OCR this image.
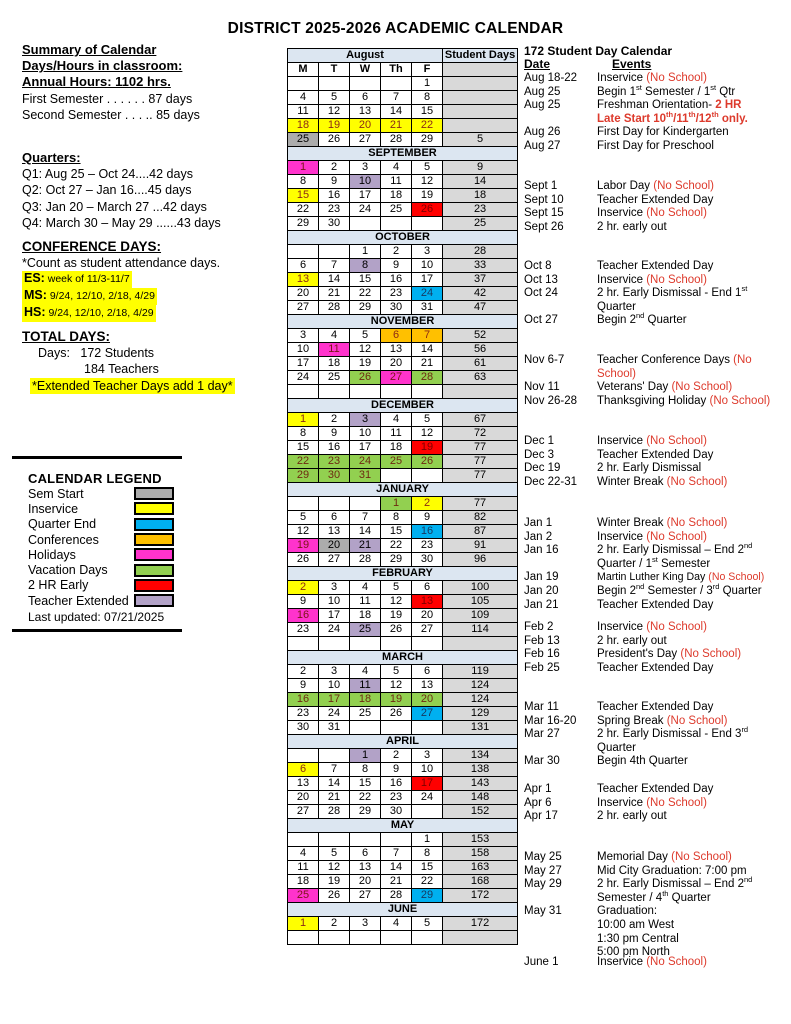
DISTRICT 2025-2026 ACADEMIC CALENDAR
Summary of Calendar
Days/Hours in classroom:
Annual Hours: 1102 hrs.
First Semester . . . . . . 87 days
Second Semester . . . .. 85 days
Quarters:
Q1: Aug 25 – Oct 24....42 days
Q2: Oct 27 – Jan 16....45 days
Q3: Jan 20 – March 27 ...42 days
Q4: March 30 – May 29 ......43 days
CONFERENCE DAYS:
*Count as student attendance days.
ES: week of 11/3-11/7
MS: 9/24, 12/10, 2/18, 4/29
HS: 9/24, 12/10, 2/18, 4/29
TOTAL DAYS:
Days:   172 Students
184 Teachers
*Extended Teacher Days add 1 day*
CALENDAR LEGEND
Sem Start
Inservice
Quarter End
Conferences
Holidays
Vacation Days
2 HR Early
Teacher Extended
Last updated: 07/21/2025
August					Student Days
M	T	W	Th	F	
				1	
4	5	6	7	8	
11	12	13	14	15	
18	19	20	21	22	
25	26	27	28	29	5
SEPTEMBER					
1	2	3	4	5	9
8	9	10	11	12	14
15	16	17	18	19	18
22	23	24	25	26	23
29	30				25
OCTOBER					
		1	2	3	28
6	7	8	9	10	33
13	14	15	16	17	37
20	21	22	23	24	42
27	28	29	30	31	47
NOVEMBER					
3	4	5	6	7	52
10	11	12	13	14	56
17	18	19	20	21	61
24	25	26	27	28	63

DECEMBER					
1	2	3	4	5	67
8	9	10	11	12	72
15	16	17	18	19	77
22	23	24	25	26	77
29	30	31			77
JANUARY					
			1	2	77
5	6	7	8	9	82
12	13	14	15	16	87
19	20	21	22	23	91
26	27	28	29	30	96
FEBRUARY					
2	3	4	5	6	100
9	10	11	12	13	105
16	17	18	19	20	109
23	24	25	26	27	114

MARCH					
2	3	4	5	6	119
9	10	11	12	13	124
16	17	18	19	20	124
23	24	25	26	27	129
30	31				131
APRIL					
		1	2	3	134
6	7	8	9	10	138
13	14	15	16	17	143
20	21	22	23	24	148
27	28	29	30		152
MAY					
				1	153
4	5	6	7	8	158
11	12	13	14	15	163
18	19	20	21	22	168
25	26	27	28	29	172
JUNE					
1	2	3	4	5	172

172 Student Day Calendar
Date	Events
Aug 18-22	Inservice (No School)
Aug 25	Begin 1st Semester / 1st Qtr
Aug 25	Freshman Orientation- 2 HR
Late Start 10th/11th/12th only.
Aug 26	First Day for Kindergarten
Aug 27	First Day for Preschool
Sept 1	Labor Day (No School)
Sept 10	Teacher Extended Day
Sept 15	Inservice (No School)
Sept 26	2 hr. early out
Oct 8	Teacher Extended Day
Oct 13	Inservice (No School)
Oct 24	2 hr. Early Dismissal - End 1st Quarter
Oct 27	Begin 2nd Quarter
Nov 6-7	Teacher Conference Days (No School)
Nov 11	Veterans' Day (No School)
Nov 26-28	Thanksgiving Holiday (No School)
Dec 1	Inservice (No School)
Dec 3	Teacher Extended Day
Dec 19	2 hr. Early Dismissal
Dec 22-31	Winter Break (No School)
Jan 1	Winter Break (No School)
Jan 2	Inservice (No School)
Jan 16	2 hr. Early Dismissal – End 2nd Quarter / 1st Semester
Jan 19	Martin Luther King Day (No School)
Jan 20	Begin 2nd Semester / 3rd Quarter
Jan 21	Teacher Extended Day
Feb 2	Inservice (No School)
Feb 13	2 hr. early out
Feb 16	President's Day (No School)
Feb 25	Teacher Extended Day
Mar 11	Teacher Extended Day
Mar 16-20	Spring Break (No School)
Mar 27	2 hr. Early Dismissal - End 3rd Quarter
Mar 30	Begin 4th Quarter
Apr 1	Teacher Extended Day
Apr 6	Inservice (No School)
Apr 17	2 hr. early out
May 25	Memorial Day (No School)
May 27	Mid City Graduation: 7:00 pm
May 29	2 hr. Early Dismissal – End 2nd Semester / 4th Quarter
May 31	Graduation:
10:00 am West
1:30 pm Central
5:00 pm North
June 1	Inservice (No School)
